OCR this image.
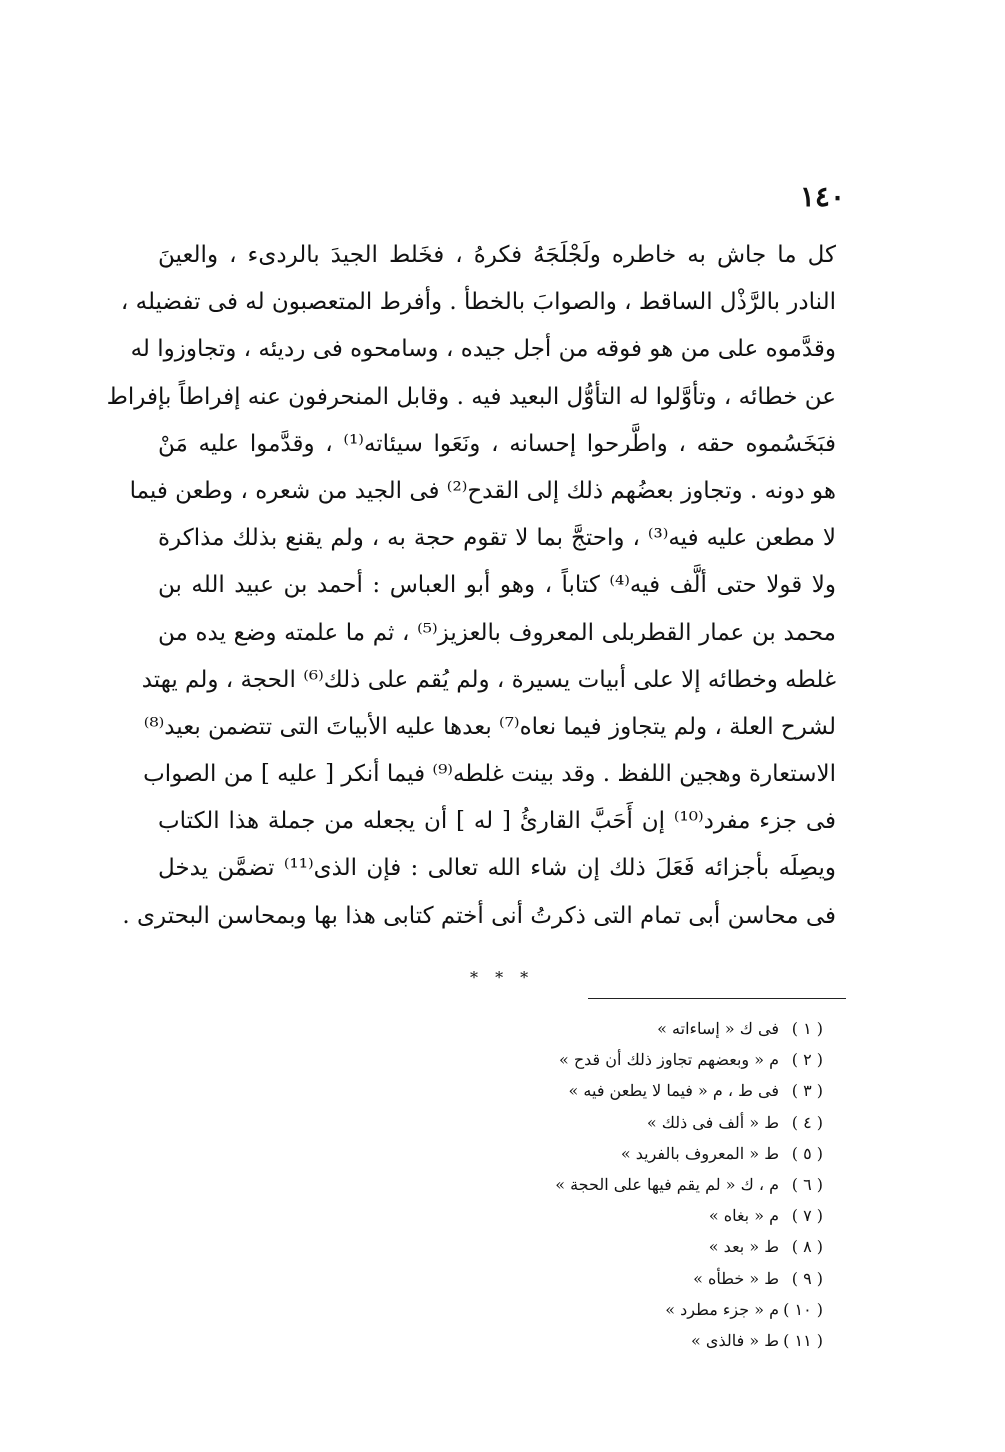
١٤٠
كل ما جاش به خاطره ولَجْلَجَهُ فكرهُ ، فخَلط الجيدَ بالردىء ، والعينَ
النادر بالرَّذْل الساقط ، والصوابَ بالخطأ . وأفرط المتعصبون له فى تفضيله ،
وقدَّموه على من هو فوقه من أجل جيده ، وسامحوه فى رديئه ، وتجاوزوا له
عن خطائه ، وتأوَّلوا له التأوُّل البعيد فيه . وقابل المنحرفون عنه إفراطاً بإفراط
فبَخَسُموه حقه ، واطَّرحوا إحسانه ، ونَعَوا سيئاته⁽¹⁾ ، وقدَّموا عليه مَنْ
هو دونه . وتجاوز بعضُهم ذلك إلى القدح⁽²⁾ فى الجيد من شعره ، وطعن فيما
لا مطعن عليه فيه⁽³⁾ ، واحتجَّ بما لا تقوم حجة به ، ولم يقنع بذلك مذاكرة
ولا قولا حتى ألَّف فيه⁽⁴⁾ كتاباً ، وهو أبو العباس : أحمد بن عبيد الله بن
محمد بن عمار القطربلى المعروف بالعزيز⁽⁵⁾ ، ثم ما علمته وضع يده من
غلطه وخطائه إلا على أبيات يسيرة ، ولم يُقم على ذلك⁽⁶⁾ الحجة ، ولم يهتد
لشرح العلة ، ولم يتجاوز فيما نعاه⁽⁷⁾ بعدها عليه الأبياتَ التى تتضمن بعيد⁽⁸⁾
الاستعارة وهجين اللفظ . وقد بينت غلطه⁽⁹⁾ فيما أنكر [ عليه ] من الصواب
فى جزء مفرد⁽¹⁰⁾ إن أَحَبَّ القارئُ [ له ] أن يجعله من جملة هذا الكتاب
ويصِلَه بأجزائه فَعَلَ ذلك إن شاء الله تعالى : فإن الذى⁽¹¹⁾ تضمَّن يدخل
فى محاسن أبى تمام التى ذكرتُ أنى أختم كتابى هذا بها وبمحاسن البحترى .
* * *
( ١ )فى ك « إساءاته »
( ٢ )م « وبعضهم تجاوز ذلك أن قدح »
( ٣ )فى ط ، م « فيما لا يطعن فيه »
( ٤ )ط « ألف فى ذلك »
( ٥ )ط « المعروف بالفريد »
( ٦ )م ، ك « لم يقم فيها على الحجة »
( ٧ )م « بغاه »
( ٨ )ط « بعد »
( ٩ )ط « خطأه »
( ١٠ )م « جزء مطرد »
( ١١ )ط « فالذى »
